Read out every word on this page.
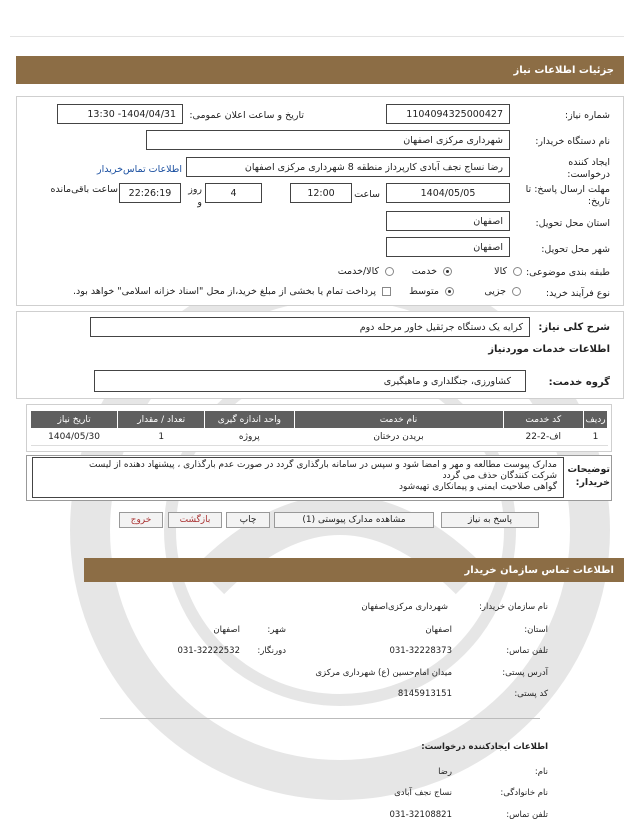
جزئیات اطلاعات نیاز
شماره نیاز:
1104094325000427
تاریخ و ساعت اعلان عمومی:
1404/04/31- 13:30
نام دستگاه خریدار:
شهرداری مرکزی اصفهان
ایجاد کننده درخواست:
رضا نساج نجف آبادی کارپرداز منطقه 8 شهرداری مرکزی اصفهان
اطلاعات تماس‌خریدار
مهلت ارسال پاسخ: تا تاریخ:
1404/05/05
ساعت
12:00
4
روز
و
22:26:19
ساعت باقی‌مانده
استان محل تحویل:
اصفهان
شهر محل تحویل:
اصفهان
طبقه بندی موضوعی:
کالا
خدمت
کالا/خدمت
نوع فرآیند خرید:
جزیی
متوسط
پرداخت تمام یا بخشی از مبلغ خرید،از محل "اسناد خزانه اسلامی" خواهد بود.
شرح کلی نیاز:
کرایه یک دستگاه جرثقیل خاور مرحله دوم
اطلاعات خدمات موردنیاز
گروه خدمت:
کشاورزی، جنگلداری و ماهیگیری
ردیف	کد خدمت	نام خدمت	واحد اندازه گیری	تعداد / مقدار	تاریخ نیاز
1	ا‌ف-2-22	بریدن درختان	پروژه	1	1404/05/30
توضیحات خریدار:
مدارک پیوست مطالعه و مهر و امضا شود و سپس در سامانه بارگذاری گردد در صورت عدم بارگذاری ، پیشنهاد دهنده از لیست
شرکت کنندگان حذف می گردد
گواهی صلاحیت ایمنی و پیمانکاری تهیه‌شود
پاسخ به نیاز
مشاهده مدارک پیوستی (1)
چاپ
بازگشت
خروج
اطلاعات تماس سازمان خریدار
نام سازمان خریدار:
شهرداری مرکزی‌اصفهان
استان:
اصفهان
شهر:
اصفهان
تلفن تماس:
031-32228373
دورنگار:
031-32222532
آدرس پستی:
میدان امام‌حسین (ع) شهرداری مرکزی
کد پستی:
8145913151
اطلاعات ایجادکننده درخواست:
نام:
رضا
نام خانوادگی:
نساج نجف آبادی
تلفن تماس:
031-32108821
